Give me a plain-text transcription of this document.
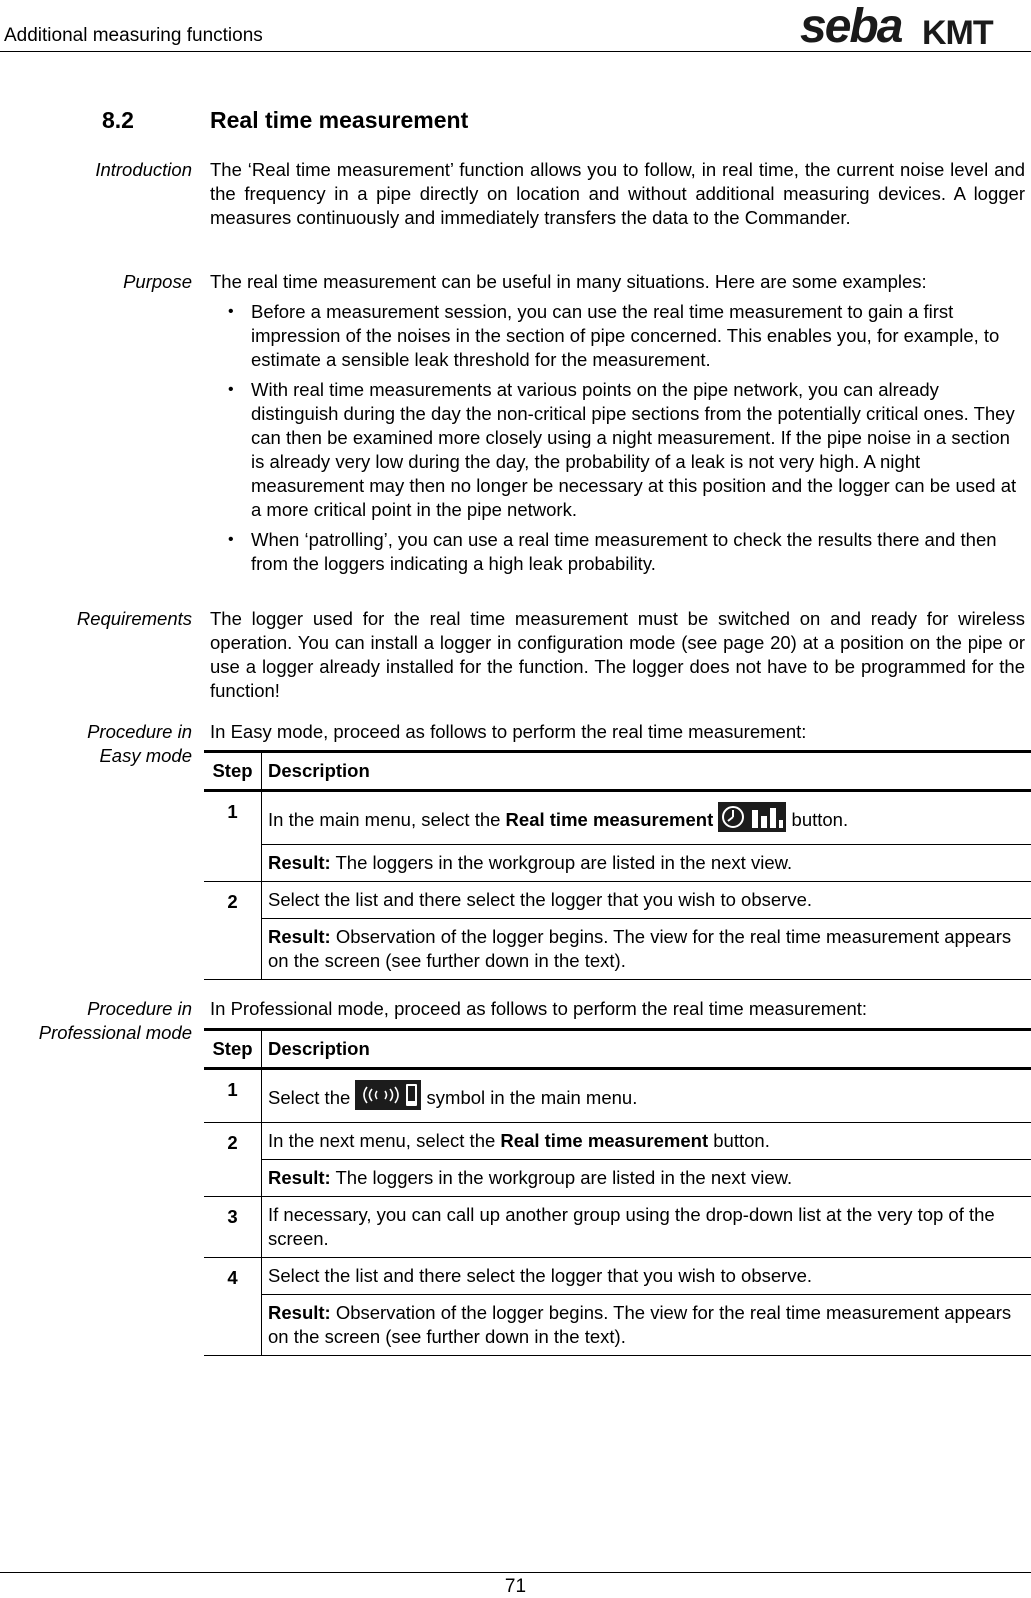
Additional measuring functions	seba KMT
8.2	Real time measurement
Introduction The ‘Real time measurement’ function allows you to follow, in real time, the current noise level and the frequency in a pipe directly on location and without additional measuring devices. A logger measures continuously and immediately transfers the data to the Commander.
Purpose The real time measurement can be useful in many situations. Here are some examples:
• Before a measurement session, you can use the real time measurement to gain a first impression of the noises in the section of pipe concerned. This enables you, for example, to estimate a sensible leak threshold for the measurement.
• With real time measurements at various points on the pipe network, you can already distinguish during the day the non-critical pipe sections from the potentially critical ones. They can then be examined more closely using a night measurement. If the pipe noise in a section is already very low during the day, the probability of a leak is not very high. A night measurement may then no longer be necessary at this position and the logger can be used at a more critical point in the pipe network.
• When ‘patrolling’, you can use a real time measurement to check the results there and then from the loggers indicating a high leak probability.
Requirements The logger used for the real time measurement must be switched on and ready for wireless operation. You can install a logger in configuration mode (see page 20) at a position on the pipe or use a logger already installed for the function. The logger does not have to be programmed for the function!
Procedure in
Easy mode
In Easy mode, proceed as follows to perform the real time measurement:
Step	Description
1	In the main menu, select the Real time measurement button.
	Result: The loggers in the workgroup are listed in the next view.
2	Select the list and there select the logger that you wish to observe.
	Result: Observation of the logger begins. The view for the real time measurement appears on the screen (see further down in the text).
Procedure in
Professional mode
In Professional mode, proceed as follows to perform the real time measurement:
Step	Description
1	Select the symbol in the main menu.
2	In the next menu, select the Real time measurement button.
	Result: The loggers in the workgroup are listed in the next view.
3	If necessary, you can call up another group using the drop-down list at the very top of the screen.
4	Select the list and there select the logger that you wish to observe.
	Result: Observation of the logger begins. The view for the real time measurement appears on the screen (see further down in the text).
71
